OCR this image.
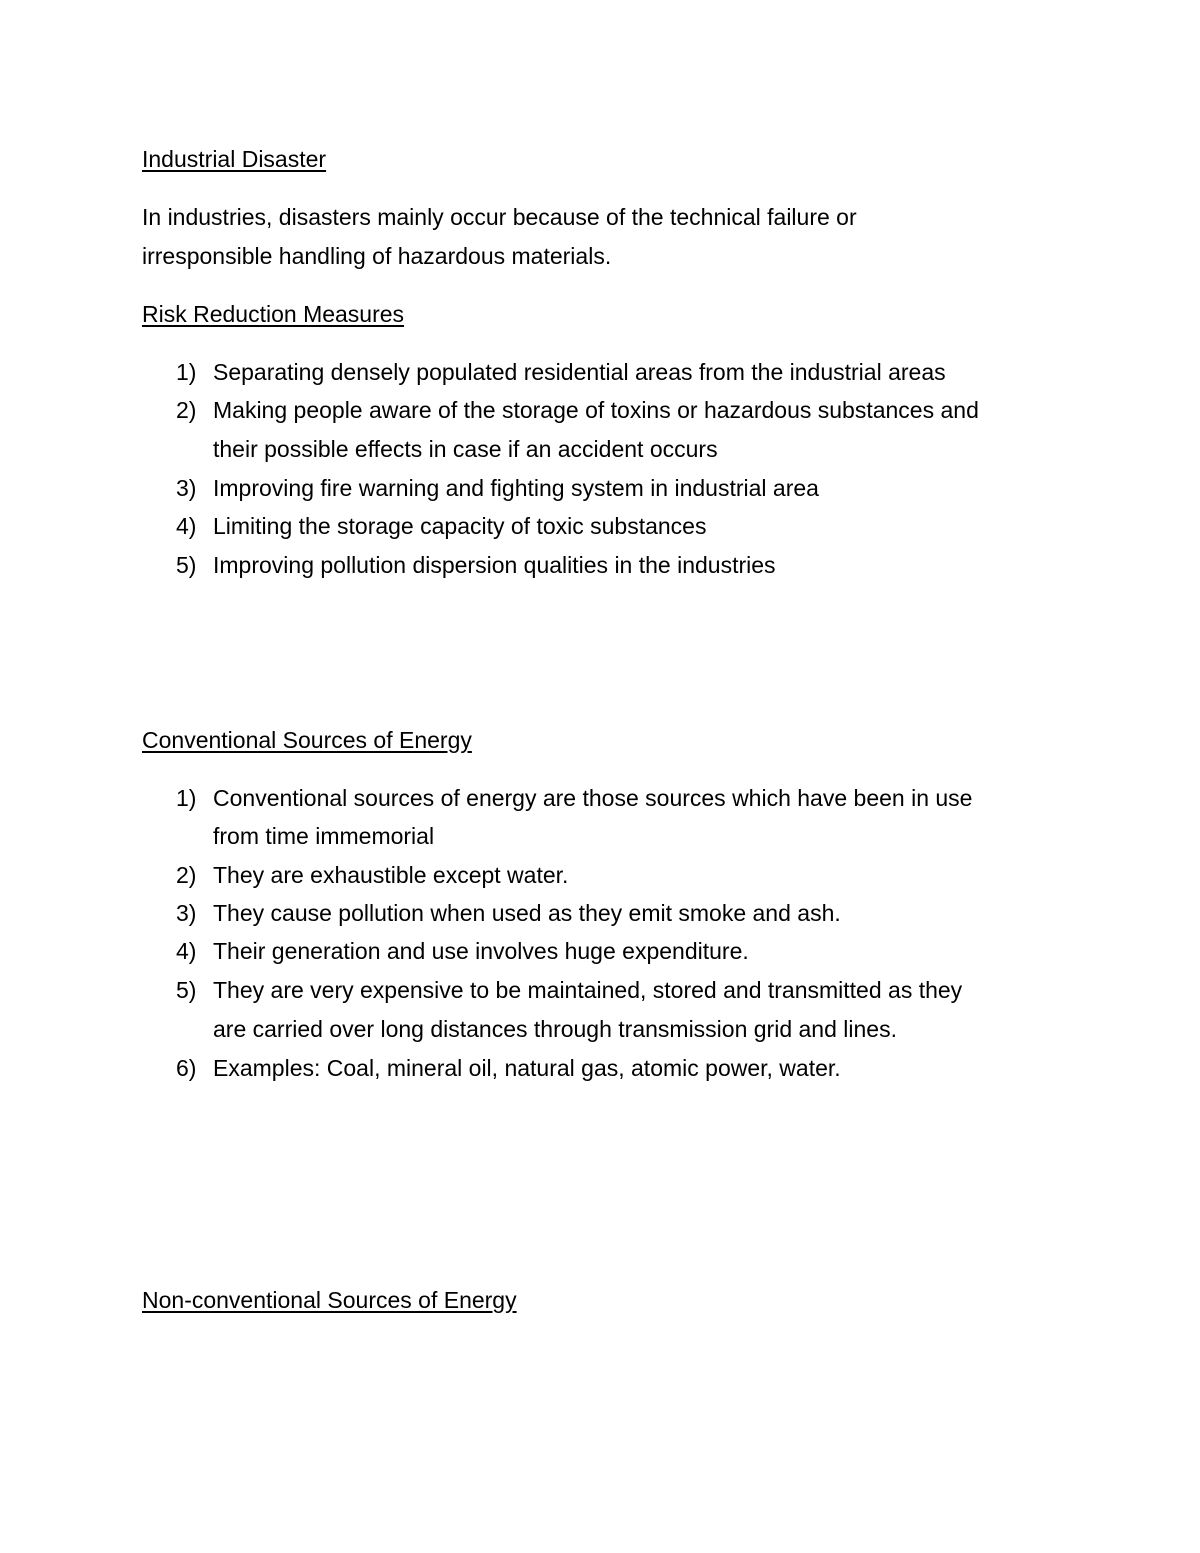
Industrial Disaster
In industries, disasters mainly occur because of the technical failure or
irresponsible handling of hazardous materials.
Risk Reduction Measures
1) Separating densely populated residential areas from the industrial areas
2) Making people aware of the storage of toxins or hazardous substances and
their possible effects in case if an accident occurs
3) Improving fire warning and fighting system in industrial area
4) Limiting the storage capacity of toxic substances
5) Improving pollution dispersion qualities in the industries
Conventional Sources of Energy
1) Conventional sources of energy are those sources which have been in use
from time immemorial
2) They are exhaustible except water.
3) They cause pollution when used as they emit smoke and ash.
4) Their generation and use involves huge expenditure.
5) They are very expensive to be maintained, stored and transmitted as they
are carried over long distances through transmission grid and lines.
6) Examples: Coal, mineral oil, natural gas, atomic power, water.
Non-conventional Sources of Energy
